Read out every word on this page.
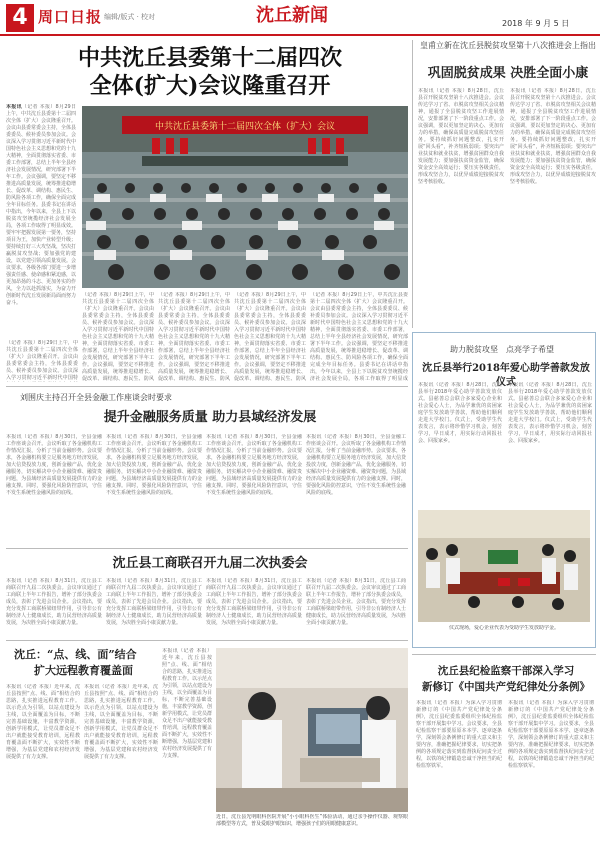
4 周口日报 编辑/版式 · 校对	沈丘新闻	2018 年 9 月 5 日
中共沈丘县委第十二届四次
全体(扩大)会议隆重召开
本报讯（记者 本报）8月29日上午，中共沈丘县委第十二届四次全体（扩大）会议隆重召开。会议由县委常委会主持，全体县委委员、候补委员参加会议。会议深入学习贯彻习近平新时代中国特色社会主义思想和党的十九大精神，全面贯彻落实省委、市委工作部署，总结上半年全县经济社会发展情况，研究部署下半年工作。会议强调，要坚定不移推进高质量发展，统筹推进稳增长、促改革、调结构、惠民生、防风险各项工作，确保全面完成全年目标任务。县委书记在讲话中指出，今年以来，全县上下以脱贫攻坚统揽经济社会发展全局，各项工作取得了明显成效。要牢牢把握发展第一要务，坚持项目为王，加快产业转型升级；要持续打好三大攻坚战，坚决打赢脱贫攻坚战；要加强党的建设，以党建引领高质量发展。会议要求，各级各部门要进一步增强责任感、使命感和紧迫感，以更加昂扬的斗志、更加务实的作风，全力以赴抓落实，为奋力开创新时代沈丘发展新局面而努力奋斗。
中共沈丘县委第十二届四次全体（扩大）会议
（记者 本报）8月29日上午，中共沈丘县委第十二届四次全体（扩大）会议隆重召开。会议由县委常委会主持，全体县委委员、候补委员参加会议。会议深入学习贯彻习近平新时代中国特色社会主义思想和党的十九大精神，全面贯彻落实省委、市委工作部署，总结上半年全县经济社会发展情况，研究部署下半年工作。会议强调，要坚定不移推进高质量发展，统筹推进稳增长、促改革、调结构、惠民生、防风
（记者 本报）8月29日上午，中共沈丘县委第十二届四次全体（扩大）会议隆重召开。会议由县委常委会主持，全体县委委员、候补委员参加会议。会议深入学习贯彻习近平新时代中国特色社会主义思想和党的十九大精神，全面贯彻落实省委、市委工作部署，总结上半年全县经济社会发展情况，研究部署下半年工作。会议强调，要坚定不移推进高质量发展，统筹推进稳增长、促改革、调结构、惠民生、防风
（记者 本报）8月29日上午，中共沈丘县委第十二届四次全体（扩大）会议隆重召开。会议由县委常委会主持，全体县委委员、候补委员参加会议。会议深入学习贯彻习近平新时代中国特色社会主义思想和党的十九大精神，全面贯彻落实省委、市委工作部署，总结上半年全县经济社会发展情况，研究部署下半年工作。会议强调，要坚定不移推进高质量发展，统筹推进稳增长、促改革、调结构、惠民生、防风
（记者 本报）8月29日上午，中共沈丘县委第十二届四次全体（扩大）会议隆重召开。会议由县委常委会主持，全体县委委员、候补委员参加会议。会议深入学习贯彻习近平新时代中国特色社会主义思想和党的十九大精神，全面贯彻落实省委、市委工作部署，总结上半年全县经济社会发展情况，研究部署下半年工作。会议强调，要坚定不移推进高质量发展，统筹推进稳增长、促改革、调结构、惠民生、防风险各项工作，确保全面完成全年目标任务。县委书记在讲话中指出，今年以来，全县上下以脱贫攻坚统揽经济社会发展全局，各项工作取得了明显成
（记者 本报）8月29日上午，中共沈丘县委第十二届四次全体（扩大）会议隆重召开。会议由县委常委会主持，全体县委委员、候补委员参加会议。会议深入学习贯彻习近平新时代中国特
皇甫立新在沈丘县脱贫攻坚第十八次推进会上指出
巩固脱贫成果 决胜全面小康
本报讯（记者 本报）8月28日，沈丘县召开脱贫攻坚第十八次推进会。会议传达学习了省、市脱贫攻坚相关会议精神，通报了全县脱贫攻坚工作进展情况，安排部署了下一阶段重点工作。会议强调，要以更加坚定的决心、更加有力的举措，确保高质量完成脱贫攻坚任务。要持续抓好问题整改，扎实开展“回头看”，补齐短板弱项；要突出产业扶贫和就业扶贫，增强贫困群众自我发展能力；要加强扶贫资金监管，确保资金安全高效运行；要压实各级责任，形成攻坚合力，以优异成绩迎接脱贫攻坚考核验收。
本报讯（记者 本报）8月28日，沈丘县召开脱贫攻坚第十八次推进会。会议传达学习了省、市脱贫攻坚相关会议精神，通报了全县脱贫攻坚工作进展情况，安排部署了下一阶段重点工作。会议强调，要以更加坚定的决心、更加有力的举措，确保高质量完成脱贫攻坚任务。要持续抓好问题整改，扎实开展“回头看”，补齐短板弱项；要突出产业扶贫和就业扶贫，增强贫困群众自我发展能力；要加强扶贫资金监管，确保资金安全高效运行；要压实各级责任，形成攻坚合力，以优异成绩迎接脱贫攻坚考核验收。
助力脱贫攻坚　 点亮学子希望
沈丘县举行2018年爱心助学善款发放仪式
本报讯（记者 本报）8月28日，沈丘县举行2018年爱心助学善款发放仪式。县慈善总会联合多家爱心企业和社会爱心人士，为品学兼优的贫困家庭学生发放助学善款，帮助他们顺利走进大学校门。仪式上，受助学生代表发言，表示将珍惜学习机会，刻苦学习，早日成才，用实际行动回报社会、回报家乡。
本报讯（记者 本报）8月28日，沈丘县举行2018年爱心助学善款发放仪式。县慈善总会联合多家爱心企业和社会爱心人士，为品学兼优的贫困家庭学生发放助学善款，帮助他们顺利走进大学校门。仪式上，受助学生代表发言，表示将珍惜学习机会，刻苦学习，早日成才，用实际行动回报社会、回报家乡。
仪式现场，爱心企业代表为受助学生发放助学金。
刘围庆主持召开全县金融工作座谈会时要求
提升金融服务质量 助力县域经济发展
本报讯（记者 本报）8月30日，全县金融工作座谈会召开。会议听取了各金融机构工作情况汇报，分析了当前金融形势。会议要求，各金融机构要立足服务地方经济发展，加大信贷投放力度，创新金融产品，优化金融服务，切实解决中小企业融资难、融资贵问题，为县域经济高质量发展提供有力的金融支撑。同时，要强化风险防控意识，守住不发生系统性金融风险的底线。
本报讯（记者 本报）8月30日，全县金融工作座谈会召开。会议听取了各金融机构工作情况汇报，分析了当前金融形势。会议要求，各金融机构要立足服务地方经济发展，加大信贷投放力度，创新金融产品，优化金融服务，切实解决中小企业融资难、融资贵问题，为县域经济高质量发展提供有力的金融支撑。同时，要强化风险防控意识，守住不发生系统性金融风险的底线。
本报讯（记者 本报）8月30日，全县金融工作座谈会召开。会议听取了各金融机构工作情况汇报，分析了当前金融形势。会议要求，各金融机构要立足服务地方经济发展，加大信贷投放力度，创新金融产品，优化金融服务，切实解决中小企业融资难、融资贵问题，为县域经济高质量发展提供有力的金融支撑。同时，要强化风险防控意识，守住不发生系统性金融风险的底线。
本报讯（记者 本报）8月30日，全县金融工作座谈会召开。会议听取了各金融机构工作情况汇报，分析了当前金融形势。会议要求，各金融机构要立足服务地方经济发展，加大信贷投放力度，创新金融产品，优化金融服务，切实解决中小企业融资难、融资贵问题，为县域经济高质量发展提供有力的金融支撑。同时，要强化风险防控意识，守住不发生系统性金融风险的底线。
沈丘县工商联召开九届二次执委会
本报讯（记者 本报）8月31日，沈丘县工商联召开九届二次执委会。会议审议通过了工商联上半年工作报告，增补了部分执委会成员，表彰了先进会员企业。会议指出，要充分发挥工商联桥梁纽带作用，引导非公有制经济人士健康成长，助力民营经济高质量发展，为决胜全面小康贡献力量。
本报讯（记者 本报）8月31日，沈丘县工商联召开九届二次执委会。会议审议通过了工商联上半年工作报告，增补了部分执委会成员，表彰了先进会员企业。会议指出，要充分发挥工商联桥梁纽带作用，引导非公有制经济人士健康成长，助力民营经济高质量发展，为决胜全面小康贡献力量。
本报讯（记者 本报）8月31日，沈丘县工商联召开九届二次执委会。会议审议通过了工商联上半年工作报告，增补了部分执委会成员，表彰了先进会员企业。会议指出，要充分发挥工商联桥梁纽带作用，引导非公有制经济人士健康成长，助力民营经济高质量发展，为决胜全面小康贡献力量。
本报讯（记者 本报）8月31日，沈丘县工商联召开九届二次执委会。会议审议通过了工商联上半年工作报告，增补了部分执委会成员，表彰了先进会员企业。会议指出，要充分发挥工商联桥梁纽带作用，引导非公有制经济人士健康成长，助力民营经济高质量发展，为决胜全面小康贡献力量。
沈丘：“点、线、面”结合
扩大远程教育覆盖面
本报讯（记者 本报）近年来，沈丘县按照“点、线、面”相结合的思路，扎实推进远程教育工作。以示范点为引领，以站点建设为主线，以全面覆盖为目标，不断完善基础设施，丰富教学资源，创新学用模式，让党员群众足不出户就能接受教育培训，远程教育覆盖面不断扩大，实效性不断增强，为基层党建和农村经济发展提供了有力支撑。
本报讯（记者 本报）近年来，沈丘县按照“点、线、面”相结合的思路，扎实推进远程教育工作。以示范点为引领，以站点建设为主线，以全面覆盖为目标，不断完善基础设施，丰富教学资源，创新学用模式，让党员群众足不出户就能接受教育培训，远程教育覆盖面不断扩大，实效性不断增强，为基层党建和农村经济发展提供了有力支撑。
本报讯（记者 本报）近年来，沈丘县按照“点、线、面”相结合的思路，扎实推进远程教育工作。以示范点为引领，以站点建设为主线，以全面覆盖为目标，不断完善基础设施，丰富教学资源，创新学用模式，让党员群众足不出户就能接受教育培训，远程教育覆盖面不断扩大，实效性不断增强，为基层党建和农村经济发展提供了有力支撑。
近日，沈丘县光明眼科医院开展“小小眼科医生”体验活动，通过亲手操作仪器、观察眼部模型等方式，普及爱眼护眼知识，增强孩子们的用眼健康意识。
沈丘县纪检监察干部深入学习
新修订《中国共产党纪律处分条例》
本报讯（记者 本报）为深入学习贯彻新修订的《中国共产党纪律处分条例》，沈丘县纪委监委组织全体纪检监察干部开展集中学习。会议要求，全县纪检监察干部要原原本本学、逐章逐条学，深刻领会条例修订的重大意义和主要内容，准确把握纪律要求，切实把条例的各项规定落实到监督执纪问责全过程，以铁的纪律锻造忠诚干净担当的纪检监察铁军。
本报讯（记者 本报）为深入学习贯彻新修订的《中国共产党纪律处分条例》，沈丘县纪委监委组织全体纪检监察干部开展集中学习。会议要求，全县纪检监察干部要原原本本学、逐章逐条学，深刻领会条例修订的重大意义和主要内容，准确把握纪律要求，切实把条例的各项规定落实到监督执纪问责全过程，以铁的纪律锻造忠诚干净担当的纪检监察铁军。
